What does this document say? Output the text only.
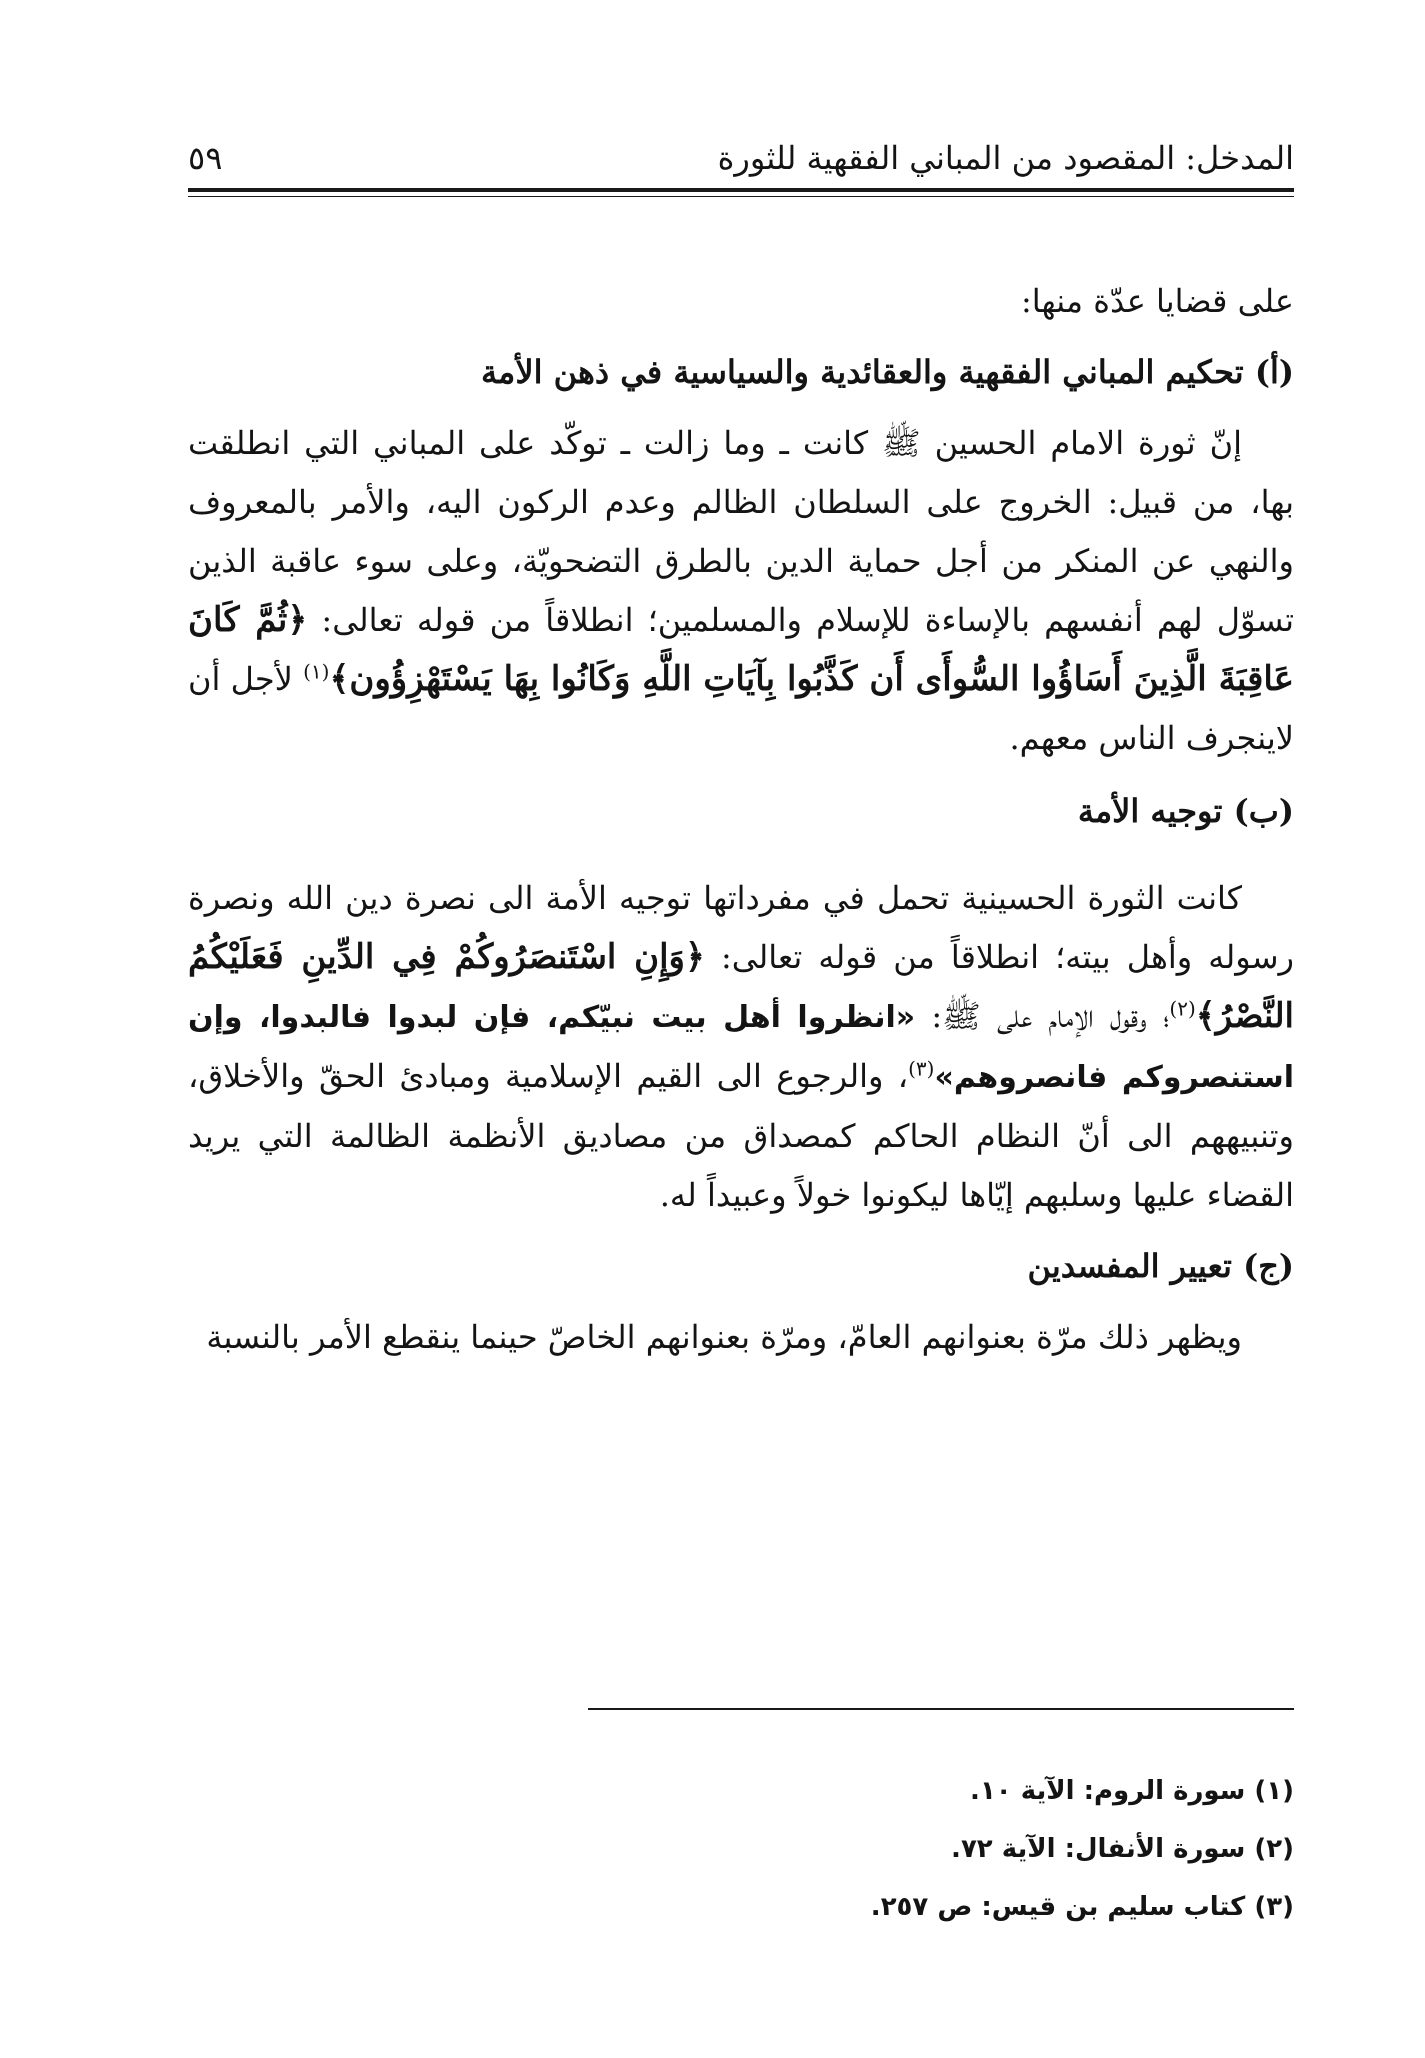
المدخل: المقصود من المباني الفقهية للثورة
٥٩

على قضايا عدّة منها:

(أ) تحكيم المباني الفقهية والعقائدية والسياسية في ذهن الأمة

إنّ ثورة الامام الحسين ﷺ كانت ـ وما زالت ـ توكّد على المباني التي انطلقت بها، من قبيل: الخروج على السلطان الظالم وعدم الركون اليه، والأمر بالمعروف والنهي عن المنكر من أجل حماية الدين بالطرق التضحويّة، وعلى سوء عاقبة الذين تسوّل لهم أنفسهم بالإساءة للإسلام والمسلمين؛ انطلاقاً من قوله تعالى: ﴿ثُمَّ كَانَ عَاقِبَةَ الَّذِينَ أَسَاؤُوا السُّوأَى أَن كَذَّبُوا بِآيَاتِ اللَّهِ وَكَانُوا بِهَا يَسْتَهْزِؤُون﴾$^{(١)}$ لأجل أن لاينجرف الناس معهم.

(ب) توجيه الأمة

كانت الثورة الحسينية تحمل في مفرداتها توجيه الأمة الى نصرة دين الله ونصرة رسوله وأهل بيته؛ انطلاقاً من قوله تعالى: ﴿وَإِنِ اسْتَنصَرُوكُمْ فِي الدِّينِ فَعَلَيْكُمُ النَّصْرُ﴾$^{(٢)}$؛ وقول الإمام على ﷺ: «انظروا أهل بيت نبيّكم، فإن لبدوا فالبدوا، وإن استنصروكم فانصروهم»$^{(٣)}$، والرجوع الى القيم الإسلامية ومبادئ الحقّ والأخلاق، وتنبيههم الى أنّ النظام الحاكم كمصداق من مصاديق الأنظمة الظالمة التي يريد القضاء عليها وسلبهم إيّاها ليكونوا خولاً وعبيداً له.

(ج) تعيير المفسدين

ويظهر ذلك مرّة بعنوانهم العامّ، ومرّة بعنوانهم الخاصّ حينما ينقطع الأمر بالنسبة

(١) سورة الروم: الآية ١٠.

(٢) سورة الأنفال: الآية ٧٢.

(٣) كتاب سليم بن قيس: ص ٢٥٧.
